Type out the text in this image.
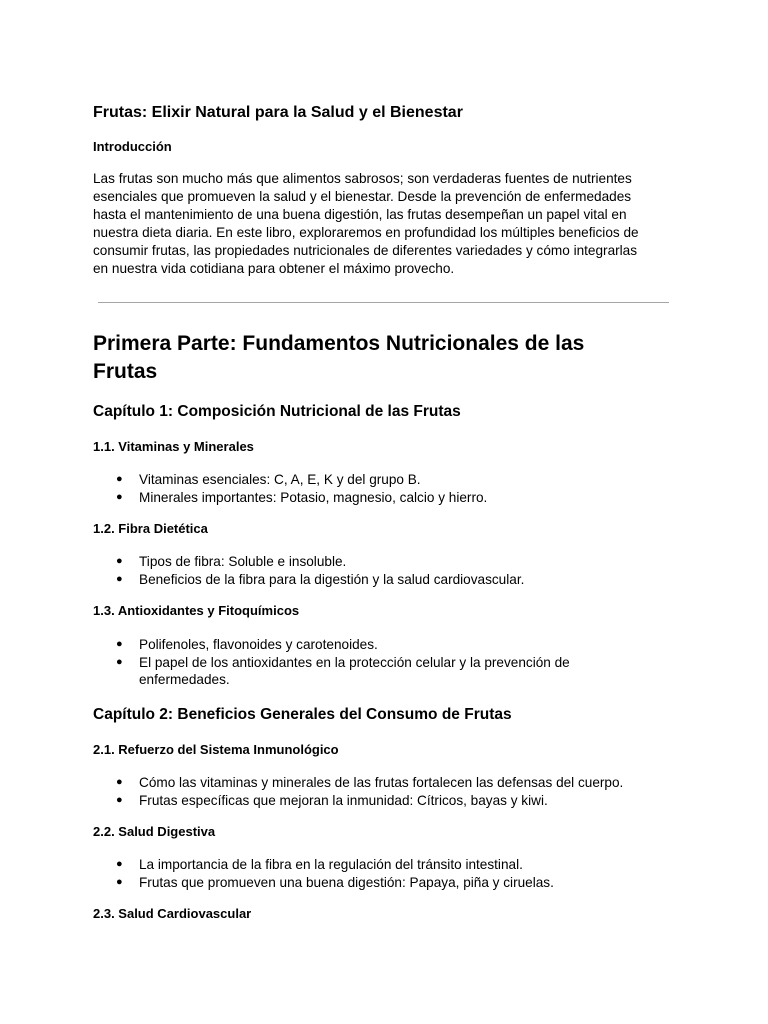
Frutas: Elixir Natural para la Salud y el Bienestar
Introducción
Las frutas son mucho más que alimentos sabrosos; son verdaderas fuentes de nutrientes
esenciales que promueven la salud y el bienestar. Desde la prevención de enfermedades
hasta el mantenimiento de una buena digestión, las frutas desempeñan un papel vital en
nuestra dieta diaria. En este libro, exploraremos en profundidad los múltiples beneficios de
consumir frutas, las propiedades nutricionales de diferentes variedades y cómo integrarlas
en nuestra vida cotidiana para obtener el máximo provecho.
Primera Parte: Fundamentos Nutricionales de las
Frutas
Capítulo 1: Composición Nutricional de las Frutas
1.1. Vitaminas y Minerales
● Vitaminas esenciales: C, A, E, K y del grupo B.
● Minerales importantes: Potasio, magnesio, calcio y hierro.
1.2. Fibra Dietética
● Tipos de fibra: Soluble e insoluble.
● Beneficios de la fibra para la digestión y la salud cardiovascular.
1.3. Antioxidantes y Fitoquímicos
● Polifenoles, flavonoides y carotenoides.
● El papel de los antioxidantes en la protección celular y la prevención de
enfermedades.
Capítulo 2: Beneficios Generales del Consumo de Frutas
2.1. Refuerzo del Sistema Inmunológico
● Cómo las vitaminas y minerales de las frutas fortalecen las defensas del cuerpo.
● Frutas específicas que mejoran la inmunidad: Cítricos, bayas y kiwi.
2.2. Salud Digestiva
● La importancia de la fibra en la regulación del tránsito intestinal.
● Frutas que promueven una buena digestión: Papaya, piña y ciruelas.
2.3. Salud Cardiovascular
